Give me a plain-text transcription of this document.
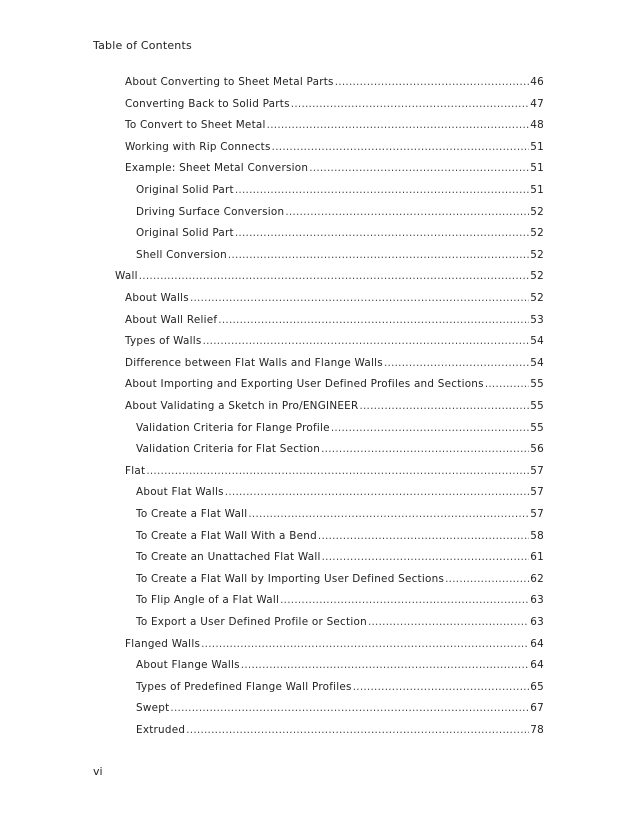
Table of Contents
About Converting to Sheet Metal Parts .....	46
Converting Back to Solid Parts .....	47
To Convert to Sheet Metal .....	48
Working with Rip Connects .....	51
Example: Sheet Metal Conversion .....	51
Original Solid Part .....	51
Driving Surface Conversion .....	52
Original Solid Part .....	52
Shell Conversion .....	52
Wall .....	52
About Walls .....	52
About Wall Relief .....	53
Types of Walls .....	54
Difference between Flat Walls and Flange Walls .....	54
About Importing and Exporting User Defined Profiles and Sections .....	55
About Validating a Sketch in Pro/ENGINEER .....	55
Validation Criteria for Flange Profile .....	55
Validation Criteria for Flat Section .....	56
Flat .....	57
About Flat Walls .....	57
To Create a Flat Wall .....	57
To Create a Flat Wall With a Bend .....	58
To Create an Unattached Flat Wall .....	61
To Create a Flat Wall by Importing User Defined Sections .....	62
To Flip Angle of a Flat Wall .....	63
To Export a User Defined Profile or Section .....	63
Flanged Walls .....	64
About Flange Walls .....	64
Types of Predefined Flange Wall Profiles .....	65
Swept .....	67
Extruded .....	78
vi
